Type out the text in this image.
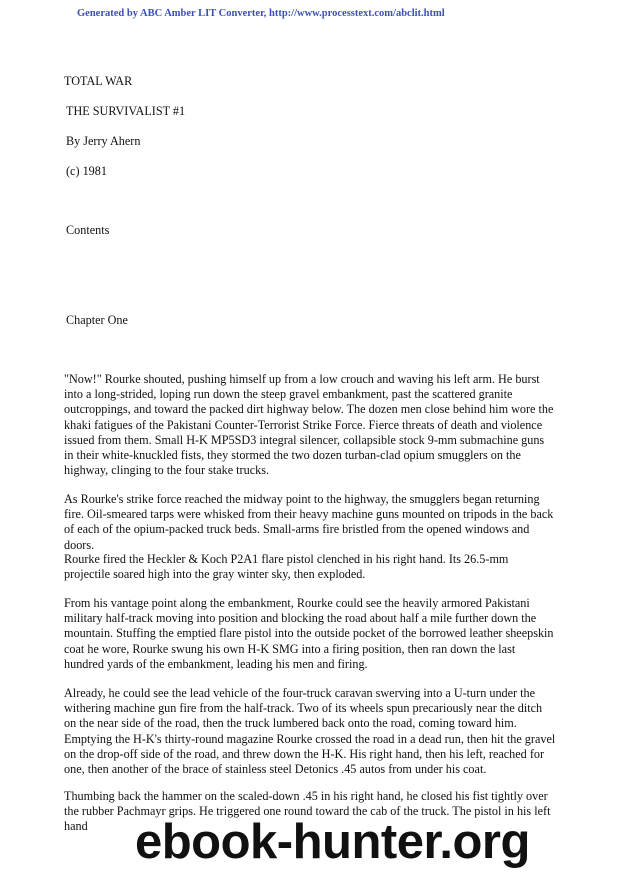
Generated by ABC Amber LIT Converter, http://www.processtext.com/abclit.html
TOTAL WAR
THE SURVIVALIST #1
By Jerry Ahern
(c) 1981
Contents
Chapter One

"Now!" Rourke shouted, pushing himself up from a low crouch and waving his left arm. He burst into a long-strided, loping run down the steep gravel embankment, past the scattered granite outcroppings, and toward the packed dirt highway below. The dozen men close behind him wore the khaki fatigues of the Pakistani Counter-Terrorist Strike Force. Fierce threats of death and violence issued from them. Small H-K MP5SD3 integral silencer, collapsible stock 9-mm submachine guns in their white-knuckled fists, they stormed the two dozen turban-clad opium smugglers on the highway, clinging to the four stake trucks.

As Rourke's strike force reached the midway point to the highway, the smugglers began returning fire. Oil-smeared tarps were whisked from their heavy machine guns mounted on tripods in the back of each of the opium-packed truck beds. Small-arms fire bristled from the opened windows and doors.

Rourke fired the Heckler & Koch P2A1 flare pistol clenched in his right hand. Its 26.5-mm projectile soared high into the gray winter sky, then exploded.

From his vantage point along the embankment, Rourke could see the heavily armored Pakistani military half-track moving into position and blocking the road about half a mile further down the mountain. Stuffing the emptied flare pistol into the outside pocket of the borrowed leather sheepskin coat he wore, Rourke swung his own H-K SMG into a firing position, then ran down the last hundred yards of the embankment, leading his men and firing.

Already, he could see the lead vehicle of the four-truck caravan swerving into a U-turn under the withering machine gun fire from the half-track. Two of its wheels spun precariously near the ditch on the near side of the road, then the truck lumbered back onto the road, coming toward him. Emptying the H-K's thirty-round magazine Rourke crossed the road in a dead run, then hit the gravel on the drop-off side of the road, and threw down the H-K. His right hand, then his left, reached for one, then another of the brace of stainless steel Detonics .45 autos from under his coat.

Thumbing back the hammer on the scaled-down .45 in his right hand, he closed his fist tightly over the rubber Pachmayr grips. He triggered one round toward the cab of the truck. The pistol in his left hand ebook-hunter.org
